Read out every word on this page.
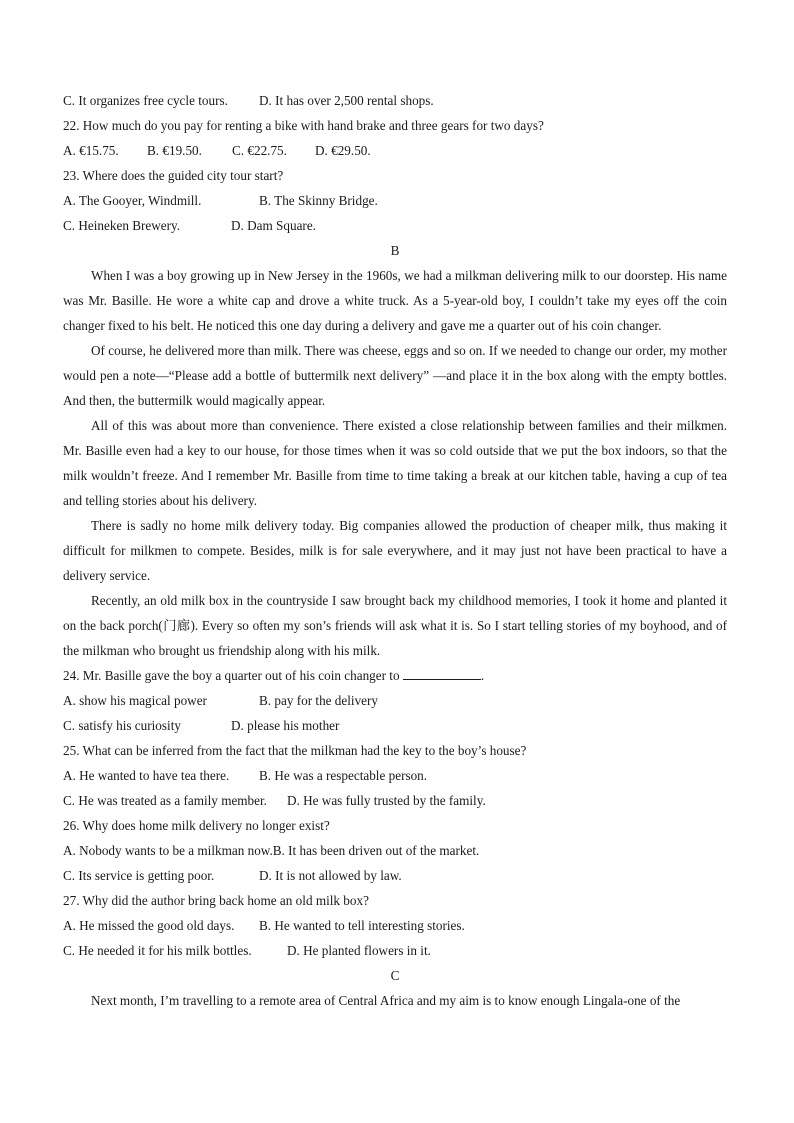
C. It organizes free cycle tours. D. It has over 2,500 rental shops.
22. How much do you pay for renting a bike with hand brake and three gears for two days?
A. €15.75. B. €19.50. C. €22.75. D. €29.50.
23. Where does the guided city tour start?
A. The Gooyer, Windmill.	B. The Skinny Bridge.
C. Heineken Brewery.	D. Dam Square.
B

When I was a boy growing up in New Jersey in the 1960s, we had a milkman delivering milk to our doorstep. His name was Mr. Basille. He wore a white cap and drove a white truck. As a 5-year-old boy, I couldn’t take my eyes off the coin changer fixed to his belt. He noticed this one day during a delivery and gave me a quarter out of his coin changer.

Of course, he delivered more than milk. There was cheese, eggs and so on. If we needed to change our order, my mother would pen a note—“Please add a bottle of buttermilk next delivery” —and place it in the box along with the empty bottles. And then, the buttermilk would magically appear.

All of this was about more than convenience. There existed a close relationship between families and their milkmen. Mr. Basille even had a key to our house, for those times when it was so cold outside that we put the box indoors, so that the milk wouldn’t freeze. And I remember Mr. Basille from time to time taking a break at our kitchen table, having a cup of tea and telling stories about his delivery.

There is sadly no home milk delivery today. Big companies allowed the production of cheaper milk, thus making it difficult for milkmen to compete. Besides, milk is for sale everywhere, and it may just not have been practical to have a delivery service.

Recently, an old milk box in the countryside I saw brought back my childhood memories, I took it home and planted it on the back porch(门廊). Every so often my son’s friends will ask what it is. So I start telling stories of my boyhood, and of the milkman who brought us friendship along with his milk.

24. Mr. Basille gave the boy a quarter out of his coin changer to	.
A. show his magical power	B. pay for the delivery
C. satisfy his curiosity	D. please his mother
25. What can be inferred from the fact that the milkman had the key to the boy’s house?
A. He wanted to have tea there. B. He was a respectable person.
C. He was treated as a family member. D. He was fully trusted by the family.
26. Why does home milk delivery no longer exist?
A. Nobody wants to be a milkman now.B. It has been driven out of the market.
C. Its service is getting poor.	D. It is not allowed by law.
27. Why did the author bring back home an old milk box?
A. He missed the good old days. B. He wanted to tell interesting stories.
C. He needed it for his milk bottles.	D. He planted flowers in it.
C

Next month, I’m travelling to a remote area of Central Africa and my aim is to know enough Lingala-one of the
